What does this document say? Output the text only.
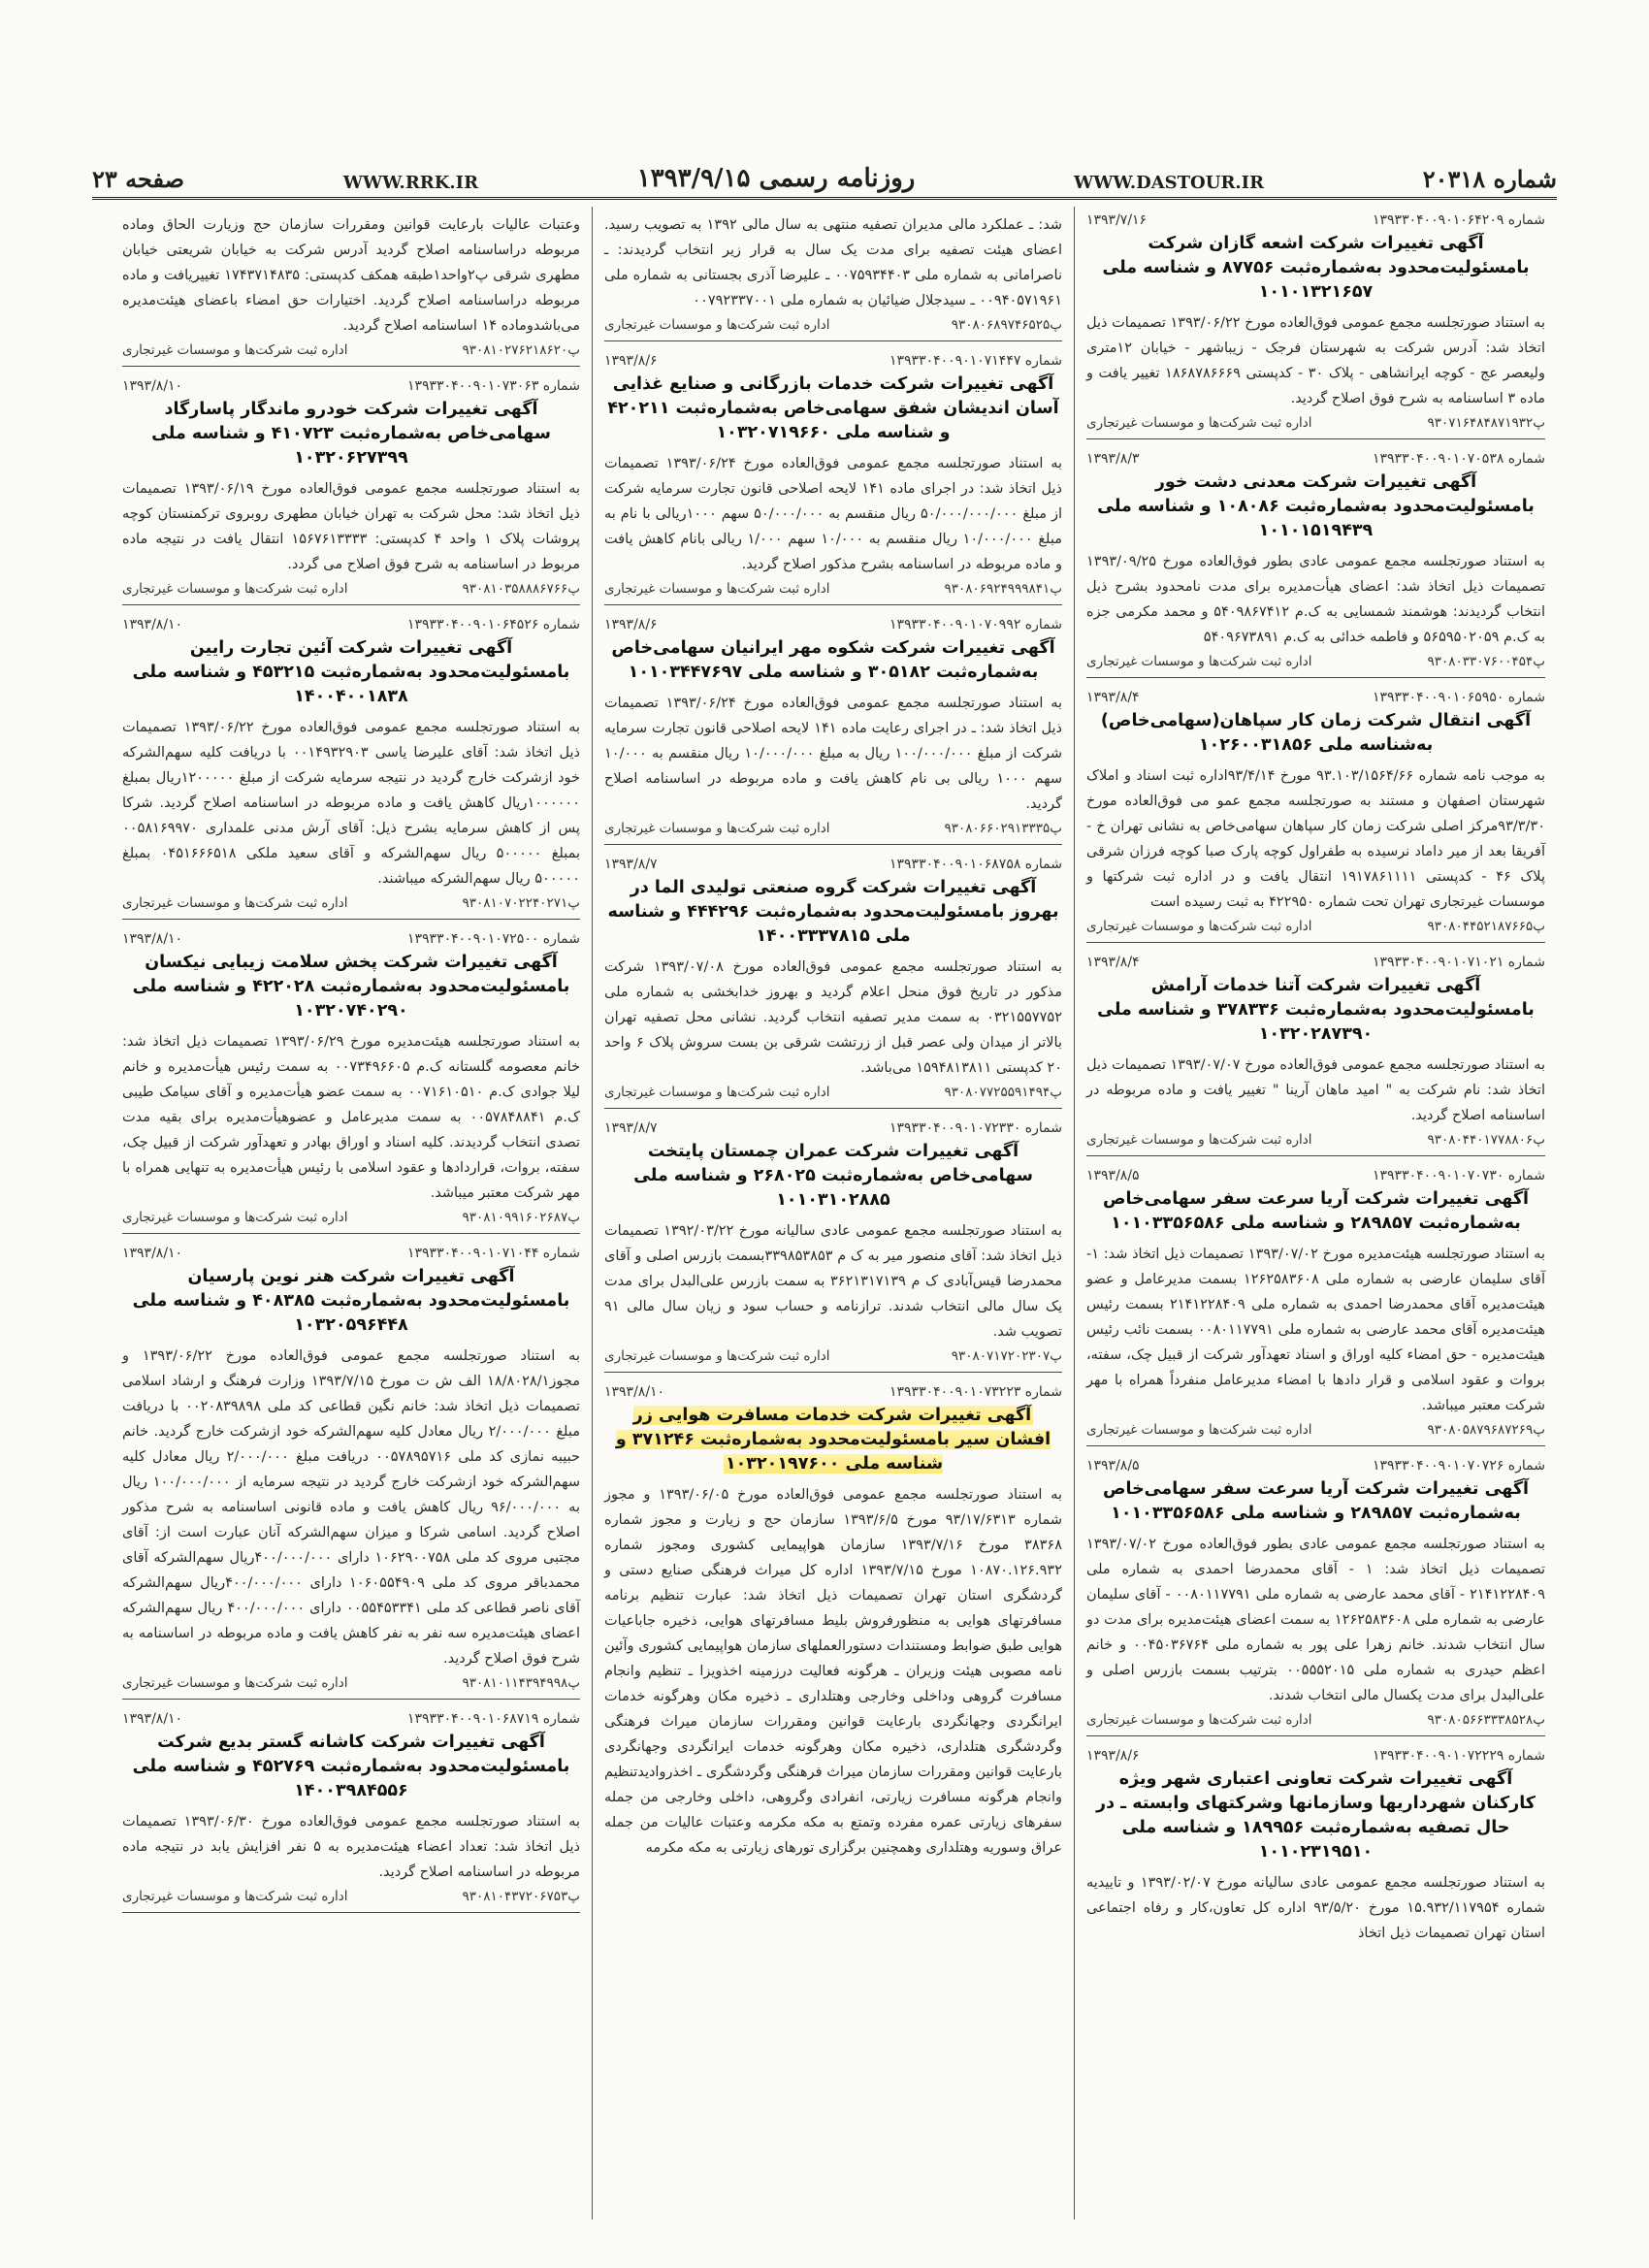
شماره ۲۰۳۱۸
WWW.DASTOUR.IR
روزنامه رسمی ۱۳۹۳/۹/۱۵
WWW.RRK.IR
صفحه ۲۳
شماره ۱۳۹۳۳۰۴۰۰۹۰۱۰۶۴۲۰۹
۱۳۹۳/۷/۱۶
آگهی تغییرات شرکت اشعه گازان شرکت بامسئولیت‌محدود به‌شماره‌ثبت ۸۷۷۵۶ و شناسه ملی ۱۰۱۰۱۳۲۱۶۵۷
به استناد صورتجلسه مجمع عمومی فوق‌العاده مورخ ۱۳۹۳/۰۶/۲۲ تصمیمات ذیل اتخاذ شد: آدرس شرکت به شهرستان فرجک - زیباشهر - خیابان ۱۲متری ولیعصر عج - کوچه ایرانشاهی - پلاک ۳۰ - کدپستی ۱۸۶۸۷۸۶۶۶۹ تغییر یافت و ماده ۳ اساسنامه به شرح فوق اصلاح گردید.
پ۹۳۰۷۱۶۴۸۴۸۷۱۹۳۲
اداره ثبت شرکت‌ها و موسسات غیرتجاری
شماره ۱۳۹۳۳۰۴۰۰۹۰۱۰۷۰۵۳۸
۱۳۹۳/۸/۳
آگهی تغییرات شرکت معدنی دشت خور بامسئولیت‌محدود به‌شماره‌ثبت ۱۰۸۰۸۶ و شناسه ملی ۱۰۱۰۱۵۱۹۴۳۹
به استناد صورتجلسه مجمع عمومی عادی بطور فوق‌العاده مورخ ۱۳۹۳/۰۹/۲۵ تصمیمات ذیل اتخاذ شد: اعضای هیأت‌مدیره برای مدت نامحدود بشرح ذیل انتخاب گردیدند: هوشمند شمسایی به ک.م ۵۴۰۹۸۶۷۴۱۲ و محمد مکرمی جزه به ک.م ۵۶۵۹۵۰۲۰۵۹ و فاطمه خدائی به ک.م ۵۴۰۹۶۷۳۸۹۱
پ۹۳۰۸۰۳۳۰۷۶۰۰۴۵۴
اداره ثبت شرکت‌ها و موسسات غیرتجاری
شماره ۱۳۹۳۳۰۴۰۰۹۰۱۰۶۵۹۵۰
۱۳۹۳/۸/۴
آگهی انتقال شرکت زمان کار سپاهان(سهامی‌خاص) به‌شناسه ملی ۱۰۲۶۰۰۳۱۸۵۶
به موجب نامه شماره ۹۳.۱۰۳/۱۵۶۴/۶۶ مورخ ۹۳/۴/۱۴اداره ثبت اسناد و املاک شهرستان اصفهان و مستند به صورتجلسه مجمع عمو می فوق‌العاده مورخ ۹۳/۳/۳۰مرکز اصلی شرکت زمان کار سپاهان سهامی‌خاص به نشانی تهران خ - آفریقا بعد از میر داماد نرسیده به طفراول کوچه پارک صبا کوچه فرزان شرقی پلاک ۴۶ - کدپستی ۱۹۱۷۸۶۱۱۱۱ انتقال یافت و در اداره ثبت شرکتها و موسسات غیرتجاری تهران تحت شماره ۴۲۲۹۵۰ به ثبت رسیده است
پ۹۳۰۸۰۴۴۵۲۱۸۷۶۶۵
اداره ثبت شرکت‌ها و موسسات غیرتجاری
شماره ۱۳۹۳۳۰۴۰۰۹۰۱۰۷۱۰۲۱
۱۳۹۳/۸/۴
آگهی تغییرات شرکت آتنا خدمات آرامش بامسئولیت‌محدود به‌شماره‌ثبت ۳۷۸۳۳۶ و شناسه ملی ۱۰۳۲۰۲۸۷۳۹۰
به استناد صورتجلسه مجمع عمومی فوق‌العاده مورخ ۱۳۹۳/۰۷/۰۷ تصمیمات ذیل اتخاذ شد: نام شرکت به " امید ماهان آرینا " تغییر یافت و ماده مربوطه در اساسنامه اصلاح گردید.
پ۹۳۰۸۰۴۴۰۱۷۷۸۸۰۶
اداره ثبت شرکت‌ها و موسسات غیرتجاری
شماره ۱۳۹۳۳۰۴۰۰۹۰۱۰۷۰۷۳۰
۱۳۹۳/۸/۵
آگهی تغییرات شرکت آریا سرعت سفر سهامی‌خاص به‌شماره‌ثبت ۲۸۹۸۵۷ و شناسه ملی ۱۰۱۰۳۳۵۶۵۸۶
به استناد صورتجلسه هیئت‌مدیره مورخ ۱۳۹۳/۰۷/۰۲ تصمیمات ذیل اتخاذ شد: ۱- آقای سلیمان عارضی به شماره ملی ۱۲۶۲۵۸۳۶۰۸ بسمت مدیرعامل و عضو هیئت‌مدیره آقای محمدرضا احمدی به شماره ملی ۲۱۴۱۲۲۸۴۰۹ بسمت رئیس هیئت‌مدیره آقای محمد عارضی به شماره ملی ۰۰۸۰۱۱۷۷۹۱ بسمت نائب رئیس هیئت‌مدیره - حق امضاء کلیه اوراق و اسناد تعهدآور شرکت از قبیل چک، سفته، بروات و عقود اسلامی و قرار دادها با امضاء مدیرعامل منفرداً همراه با مهر شرکت معتبر میباشد.
پ۹۳۰۸۰۵۸۷۹۶۸۷۲۶۹
اداره ثبت شرکت‌ها و موسسات غیرتجاری
شماره ۱۳۹۳۳۰۴۰۰۹۰۱۰۷۰۷۲۶
۱۳۹۳/۸/۵
آگهی تغییرات شرکت آریا سرعت سفر سهامی‌خاص به‌شماره‌ثبت ۲۸۹۸۵۷ و شناسه ملی ۱۰۱۰۳۳۵۶۵۸۶
به استناد صورتجلسه مجمع عمومی عادی بطور فوق‌العاده مورخ ۱۳۹۳/۰۷/۰۲ تصمیمات ذیل اتخاذ شد: ۱ - آقای محمدرضا احمدی به شماره ملی ۲۱۴۱۲۲۸۴۰۹ - آقای محمد عارضی به شماره ملی ۰۰۸۰۱۱۷۷۹۱ - آقای سلیمان عارضی به شماره ملی ۱۲۶۲۵۸۳۶۰۸ به سمت اعضای هیئت‌مدیره برای مدت دو سال انتخاب شدند. خانم زهرا علی پور به شماره ملی ۰۰۴۵۰۳۶۷۶۴ و خانم اعظم حیدری به شماره ملی ۰۰۵۵۵۲۰۱۵ بترتیب بسمت بازرس اصلی و علی‌البدل برای مدت یکسال مالی انتخاب شدند.
پ۹۳۰۸۰۵۶۶۳۳۳۸۵۲۸
اداره ثبت شرکت‌ها و موسسات غیرتجاری
شماره ۱۳۹۳۳۰۴۰۰۹۰۱۰۷۲۲۲۹
۱۳۹۳/۸/۶
آگهی تغییرات شرکت تعاونی اعتباری شهر ویژه کارکنان شهرداریها وسازمانها وشرکتهای وابسته ـ در حال تصفیه به‌شماره‌ثبت ۱۸۹۹۵۶ و شناسه ملی ۱۰۱۰۲۳۱۹۵۱۰
به استناد صورتجلسه مجمع عمومی عادی سالیانه مورخ ۱۳۹۳/۰۲/۰۷ و تاییدیه شماره ۱۵.۹۳۲/۱۱۷۹۵۴ مورخ ۹۳/۵/۲۰ اداره کل تعاون،کار و رفاه اجتماعی استان تهران تصمیمات ذیل اتخاذ
شد: ـ عملکرد مالی مدیران تصفیه منتهی به سال مالی ۱۳۹۲ به تصویب رسید. اعضای هیئت تصفیه برای مدت یک سال به قرار زیر انتخاب گردیدند: ـ ناصرامانی به شماره ملی ۰۰۷۵۹۳۴۴۰۳ ـ علیرضا آذری بجستانی به شماره ملی ۰۰۹۴۰۵۷۱۹۶۱ ـ سیدجلال ضیائیان به شماره ملی ۰۰۷۹۲۳۳۷۰۰۱
پ۹۳۰۸۰۶۸۹۷۴۶۵۲۵
اداره ثبت شرکت‌ها و موسسات غیرتجاری
شماره ۱۳۹۳۳۰۴۰۰۹۰۱۰۷۱۴۴۷
۱۳۹۳/۸/۶
آگهی تغییرات شرکت خدمات بازرگانی و صنایع غذایی آسان اندیشان شفق سهامی‌خاص به‌شماره‌ثبت ۴۲۰۲۱۱ و شناسه ملی ۱۰۳۲۰۷۱۹۶۶۰
به استناد صورتجلسه مجمع عمومی فوق‌العاده مورخ ۱۳۹۳/۰۶/۲۴ تصمیمات ذیل اتخاذ شد: در اجرای ماده ۱۴۱ لایحه اصلاحی قانون تجارت سرمایه شرکت از مبلغ ۵۰/۰۰۰/۰۰۰/۰۰۰ ریال منقسم به ۵۰/۰۰۰/۰۰۰ سهم ۱۰۰۰ریالی با نام به مبلغ ۱۰/۰۰۰/۰۰۰ ریال منقسم به ۱۰/۰۰۰ سهم ۱/۰۰۰ ریالی بانام کاهش یافت و ماده مربوطه در اساسنامه بشرح مذکور اصلاح گردید.
پ۹۳۰۸۰۶۹۲۴۹۹۹۸۴۱
اداره ثبت شرکت‌ها و موسسات غیرتجاری
شماره ۱۳۹۳۳۰۴۰۰۹۰۱۰۷۰۹۹۲
۱۳۹۳/۸/۶
آگهی تغییرات شرکت شکوه مهر ایرانیان سهامی‌خاص به‌شماره‌ثبت ۳۰۵۱۸۲ و شناسه ملی ۱۰۱۰۳۴۴۷۶۹۷
به استناد صورتجلسه مجمع عمومی فوق‌العاده مورخ ۱۳۹۳/۰۶/۲۴ تصمیمات ذیل اتخاذ شد: ـ در اجرای رعایت ماده ۱۴۱ لایحه اصلاحی قانون تجارت سرمایه شرکت از مبلغ ۱۰۰/۰۰۰/۰۰۰ ریال به مبلغ ۱۰/۰۰۰/۰۰۰ ریال منقسم به ۱۰/۰۰۰ سهم ۱۰۰۰ ریالی بی نام کاهش یافت و ماده مربوطه در اساسنامه اصلاح گردید.
پ۹۳۰۸۰۶۶۰۲۹۱۳۳۳۵
اداره ثبت شرکت‌ها و موسسات غیرتجاری
شماره ۱۳۹۳۳۰۴۰۰۹۰۱۰۶۸۷۵۸
۱۳۹۳/۸/۷
آگهی تغییرات شرکت گروه صنعتی تولیدی الما در بهروز بامسئولیت‌محدود به‌شماره‌ثبت ۴۴۴۲۹۶ و شناسه ملی ۱۴۰۰۳۳۳۷۸۱۵
به استناد صورتجلسه مجمع عمومی فوق‌العاده مورخ ۱۳۹۳/۰۷/۰۸ شرکت مذکور در تاریخ فوق منحل اعلام گردید و بهروز خدابخشی به شماره ملی ۰۳۲۱۵۵۷۷۵۲ به سمت مدیر تصفیه انتخاب گردید. نشانی محل تصفیه تهران بالاتر از میدان ولی عصر قبل از زرتشت شرقی بن بست سروش پلاک ۶ واحد ۲۰ کدپستی ۱۵۹۴۸۱۳۸۱۱ می‌باشد.
پ۹۳۰۸۰۷۷۲۵۵۹۱۴۹۴
اداره ثبت شرکت‌ها و موسسات غیرتجاری
شماره ۱۳۹۳۳۰۴۰۰۹۰۱۰۷۲۳۳۰
۱۳۹۳/۸/۷
آگهی تغییرات شرکت عمران چمستان پایتخت سهامی‌خاص به‌شماره‌ثبت ۲۶۸۰۲۵ و شناسه ملی ۱۰۱۰۳۱۰۲۸۸۵
به استناد صورتجلسه مجمع عمومی عادی سالیانه مورخ ۱۳۹۲/۰۳/۲۲ تصمیمات ذیل اتخاذ شد: آقای منصور میر به ک م ۳۳۹۸۵۳۸۵۳بسمت بازرس اصلی و آقای محمدرضا قیس‌آبادی ک م ۳۶۲۱۳۱۷۱۳۹ به سمت بازرس علی‌البدل برای مدت یک سال مالی انتخاب شدند. ترازنامه و حساب سود و زیان سال مالی ۹۱ تصویب شد.
پ۹۳۰۸۰۷۱۷۲۰۲۳۰۷
اداره ثبت شرکت‌ها و موسسات غیرتجاری
شماره ۱۳۹۳۳۰۴۰۰۹۰۱۰۷۳۲۲۳
۱۳۹۳/۸/۱۰
آگهی تغییرات شرکت خدمات مسافرت هوایی زر افشان سیر بامسئولیت‌محدود به‌شماره‌ثبت ۳۷۱۲۴۶ و شناسه ملی ۱۰۳۲۰۱۹۷۶۰۰
به استناد صورتجلسه مجمع عمومی فوق‌العاده مورخ ۱۳۹۳/۰۶/۰۵ و مجوز شماره ۹۳/۱۷/۶۳۱۳ مورخ ۱۳۹۳/۶/۵ سازمان حج و زیارت و مجوز شماره ۳۸۳۶۸ مورخ ۱۳۹۳/۷/۱۶ سازمان هواپیمایی کشوری ومجوز شماره ۱۰۸۷۰.۱۲۶.۹۳۲ مورخ ۱۳۹۳/۷/۱۵ اداره کل میراث فرهنگی صنایع دستی و گردشگری استان تهران تصمیمات ذیل اتخاذ شد: عبارت تنظیم برنامه مسافرتهای هوایی به منظورفروش بلیط مسافرتهای هوایی، ذخیره جاباعیات هوایی طبق ضوابط ومستندات دستورالعملهای سازمان هواپیمایی کشوری وآئین نامه مصوبی هیئت وزیران ـ هرگونه فعالیت درزمینه اخذویزا ـ تنظیم وانجام مسافرت گروهی وداخلی وخارجی وهتلداری ـ ذخیره مکان وهرگونه خدمات ایرانگردی وجهانگردی بارعایت قوانین ومقررات سازمان میراث فرهنگی وگردشگری هتلداری، ذخیره مکان وهرگونه خدمات ایرانگردی وجهانگردی بارعایت قوانین ومقررات سازمان میراث فرهنگی وگردشگری ـ اخذروادیدتنظیم وانجام هرگونه مسافرت زیارتی، انفرادی وگروهی، داخلی وخارجی من جمله سفرهای زیارتی عمره مفرده وتمتع به مکه مکرمه وعتبات عالیات من جمله عراق وسوریه وهتلداری وهمچنین برگزاری تورهای زیارتی به مکه مکرمه
وعتبات عالیات بارعایت قوانین ومقررات سازمان حج وزیارت الحاق وماده مربوطه دراساسنامه اصلاح گردید آدرس شرکت به خیابان شریعتی خیابان مطهری شرقی پ۲واحد۱طبقه همکف کدپستی: ۱۷۴۳۷۱۴۸۳۵ تغییریافت و ماده مربوطه دراساسنامه اصلاح گردید. اختیارات حق امضاء باعضای هیئت‌مدیره می‌باشدوماده ۱۴ اساسنامه اصلاح گردید.
پ۹۳۰۸۱۰۲۷۶۲۱۸۶۲۰
اداره ثبت شرکت‌ها و موسسات غیرتجاری
شماره ۱۳۹۳۳۰۴۰۰۹۰۱۰۷۳۰۶۳
۱۳۹۳/۸/۱۰
آگهی تغییرات شرکت خودرو ماندگار پاسارگاد سهامی‌خاص به‌شماره‌ثبت ۴۱۰۷۲۳ و شناسه ملی ۱۰۳۲۰۶۲۷۳۹۹
به استناد صورتجلسه مجمع عمومی فوق‌العاده مورخ ۱۳۹۳/۰۶/۱۹ تصمیمات ذیل اتخاذ شد: محل شرکت به تهران خیابان مطهری روبروی ترکمنستان کوچه پروشات پلاک ۱ واحد ۴ کدپستی: ۱۵۶۷۶۱۳۳۳۳ انتقال یافت در نتیجه ماده مربوط در اساسنامه به شرح فوق اصلاح می گردد.
پ۹۳۰۸۱۰۳۵۸۸۸۶۷۶۶
اداره ثبت شرکت‌ها و موسسات غیرتجاری
شماره ۱۳۹۳۳۰۴۰۰۹۰۱۰۶۴۵۲۶
۱۳۹۳/۸/۱۰
آگهی تغییرات شرکت آئین تجارت رایین بامسئولیت‌محدود به‌شماره‌ثبت ۴۵۳۲۱۵ و شناسه ملی ۱۴۰۰۴۰۰۱۸۳۸
به استناد صورتجلسه مجمع عمومی فوق‌العاده مورخ ۱۳۹۳/۰۶/۲۲ تصمیمات ذیل اتخاذ شد: آقای علیرضا یاسی ۰۰۱۴۹۳۲۹۰۳ با دریافت کلیه سهم‌الشرکه خود ازشرکت خارج گردید در نتیجه سرمایه شرکت از مبلغ ۱۲۰۰۰۰۰ریال بمبلغ ۱۰۰۰۰۰۰ریال کاهش یافت و ماده مربوطه در اساسنامه اصلاح گردید. شرکا پس از کاهش سرمایه بشرح ذیل: آقای آرش مدنی علمداری ۰۰۵۸۱۶۹۹۷۰ بمبلغ ۵۰۰۰۰۰ ریال سهم‌الشرکه و آقای سعید ملکی ۰۴۵۱۶۶۶۵۱۸ بمبلغ ۵۰۰۰۰۰ ریال سهم‌الشرکه میباشند.
پ۹۳۰۸۱۰۷۰۲۲۴۰۲۷۱
اداره ثبت شرکت‌ها و موسسات غیرتجاری
شماره ۱۳۹۳۳۰۴۰۰۹۰۱۰۷۲۵۰۰
۱۳۹۳/۸/۱۰
آگهی تغییرات شرکت پخش سلامت زیبایی نیکسان بامسئولیت‌محدود به‌شماره‌ثبت ۴۲۲۰۲۸ و شناسه ملی ۱۰۳۲۰۷۴۰۲۹۰
به استناد صورتجلسه هیئت‌مدیره مورخ ۱۳۹۳/۰۶/۲۹ تصمیمات ذیل اتخاذ شد: خانم معصومه گلستانه ک.م ۰۰۷۳۴۹۶۶۰۵ به سمت رئیس هیأت‌مدیره و خانم لیلا جوادی ک.م ۰۰۷۱۶۱۰۵۱۰ به سمت عضو هیأت‌مدیره و آقای سیامک طیبی ک.م ۰۰۵۷۸۴۸۸۴۱ به سمت مدیرعامل و عضوهیأت‌مدیره برای بقیه مدت تصدی انتخاب گردیدند. کلیه اسناد و اوراق بهادر و تعهدآور شرکت از قبیل چک، سفته، بروات، قراردادها و عقود اسلامی با رئیس هیأت‌مدیره به تنهایی همراه با مهر شرکت معتبر میباشد.
پ۹۳۰۸۱۰۹۹۱۶۰۲۶۸۷
اداره ثبت شرکت‌ها و موسسات غیرتجاری
شماره ۱۳۹۳۳۰۴۰۰۹۰۱۰۷۱۰۴۴
۱۳۹۳/۸/۱۰
آگهی تغییرات شرکت هنر نوین پارسیان بامسئولیت‌محدود به‌شماره‌ثبت ۴۰۸۳۸۵ و شناسه ملی ۱۰۳۲۰۵۹۶۴۴۸
به استناد صورتجلسه مجمع عمومی فوق‌العاده مورخ ۱۳۹۳/۰۶/۲۲ و مجوز۱۸/۸۰۲۸/۱ الف ش ت مورخ ۱۳۹۳/۷/۱۵ وزارت فرهنگ و ارشاد اسلامی تصمیمات ذیل اتخاذ شد: خانم نگین قطاعی کد ملی ۰۰۲۰۸۳۹۸۹۸ با دریافت مبلغ ۲/۰۰۰/۰۰۰ ریال معادل کلیه سهم‌الشرکه خود ازشرکت خارج گردید. خانم حبیبه نمازی کد ملی ۰۰۵۷۸۹۵۷۱۶ دریافت مبلغ ۲/۰۰۰/۰۰۰ ریال معادل کلیه سهم‌الشرکه خود ازشرکت خارج گردید در نتیجه سرمایه از ۱۰۰/۰۰۰/۰۰۰ ریال به ۹۶/۰۰۰/۰۰۰ ریال کاهش یافت و ماده قانونی اساسنامه به شرح مذکور اصلاح گردید. اسامی شرکا و میزان سهم‌الشرکه آنان عبارت است از: آقای مجتبی مروی کد ملی ۱۰۶۲۹۰۰۷۵۸ دارای ۴۰۰/۰۰۰/۰۰۰ریال سهم‌الشرکه آقای محمدباقر مروی کد ملی ۱۰۶۰۵۵۴۹۰۹ دارای ۴۰۰/۰۰۰/۰۰۰ریال سهم‌الشرکه آقای ناصر قطاعی کد ملی ۰۰۵۵۴۵۳۳۴۱ دارای ۴۰۰/۰۰۰/۰۰۰ ریال سهم‌الشرکه اعضای هیئت‌مدیره سه نفر به نفر کاهش یافت و ماده مربوطه در اساسنامه به شرح فوق اصلاح گردید.
پ۹۳۰۸۱۰۱۱۴۳۹۴۹۹۸
اداره ثبت شرکت‌ها و موسسات غیرتجاری
شماره ۱۳۹۳۳۰۴۰۰۹۰۱۰۶۸۷۱۹
۱۳۹۳/۸/۱۰
آگهی تغییرات شرکت کاشانه گستر بدیع شرکت بامسئولیت‌محدود به‌شماره‌ثبت ۴۵۲۷۶۹ و شناسه ملی ۱۴۰۰۳۹۸۴۵۵۶
به استناد صورتجلسه مجمع عمومی فوق‌العاده مورخ ۱۳۹۳/۰۶/۳۰ تصمیمات ذیل اتخاذ شد: تعداد اعضاء هیئت‌مدیره به ۵ نفر افزایش یابد در نتیجه ماده مربوطه در اساسنامه اصلاح گردید.
پ۹۳۰۸۱۰۴۳۷۲۰۶۷۵۳
اداره ثبت شرکت‌ها و موسسات غیرتجاری
